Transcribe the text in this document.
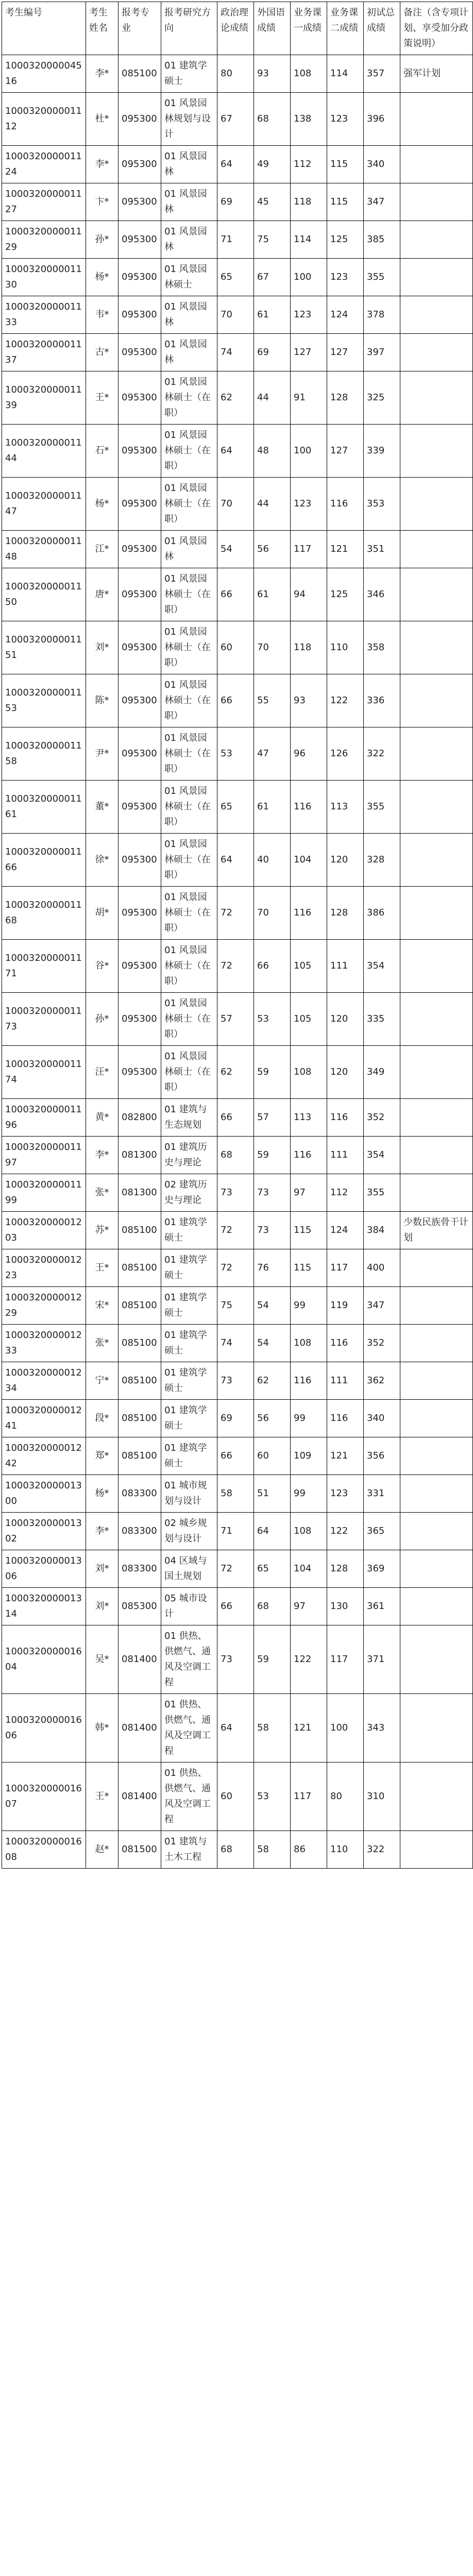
考生编号	考生姓名	报考专业	报考研究方向	政治理论成绩	外国语成绩	业务课一成绩	业务课二成绩	初试总成绩	备注（含专项计划、享受加分政策说明）
100032000004516	李*	085100	01 建筑学硕士	80	93	108	114	357	强军计划
100032000001112	杜*	095300	01 风景园林规划与设计	67	68	138	123	396	
100032000001124	李*	095300	01 风景园林	64	49	112	115	340	
100032000001127	卞*	095300	01 风景园林	69	45	118	115	347	
100032000001129	孙*	095300	01 风景园林	71	75	114	125	385	
100032000001130	杨*	095300	01 风景园林硕士	65	67	100	123	355	
100032000001133	韦*	095300	01 风景园林	70	61	123	124	378	
100032000001137	古*	095300	01 风景园林	74	69	127	127	397	
100032000001139	王*	095300	01 风景园林硕士（在职）	62	44	91	128	325	
100032000001144	石*	095300	01 风景园林硕士（在职）	64	48	100	127	339	
100032000001147	杨*	095300	01 风景园林硕士（在职）	70	44	123	116	353	
100032000001148	江*	095300	01 风景园林	54	56	117	121	351	
100032000001150	唐*	095300	01 风景园林硕士（在职）	66	61	94	125	346	
100032000001151	刘*	095300	01 风景园林硕士（在职）	60	70	118	110	358	
100032000001153	陈*	095300	01 风景园林硕士（在职）	66	55	93	122	336	
100032000001158	尹*	095300	01 风景园林硕士（在职）	53	47	96	126	322	
100032000001161	董*	095300	01 风景园林硕士（在职）	65	61	116	113	355	
100032000001166	徐*	095300	01 风景园林硕士（在职）	64	40	104	120	328	
100032000001168	胡*	095300	01 风景园林硕士（在职）	72	70	116	128	386	
100032000001171	谷*	095300	01 风景园林硕士（在职）	72	66	105	111	354	
100032000001173	孙*	095300	01 风景园林硕士（在职）	57	53	105	120	335	
100032000001174	汪*	095300	01 风景园林硕士（在职）	62	59	108	120	349	
100032000001196	黄*	082800	01 建筑与生态规划	66	57	113	116	352	
100032000001197	李*	081300	01 建筑历史与理论	68	59	116	111	354	
100032000001199	张*	081300	02 建筑历史与理论	73	73	97	112	355	
100032000001203	苏*	085100	01 建筑学硕士	72	73	115	124	384	少数民族骨干计划
100032000001223	王*	085100	01 建筑学硕士	72	76	115	117	400	
100032000001229	宋*	085100	01 建筑学硕士	75	54	99	119	347	
100032000001233	张*	085100	01 建筑学硕士	74	54	108	116	352	
100032000001234	宁*	085100	01 建筑学硕士	73	62	116	111	362	
100032000001241	段*	085100	01 建筑学硕士	69	56	99	116	340	
100032000001242	郑*	085100	01 建筑学硕士	66	60	109	121	356	
100032000001300	杨*	083300	01 城市规划与设计	58	51	99	123	331	
100032000001302	李*	083300	02 城乡规划与设计	71	64	108	122	365	
100032000001306	刘*	083300	04 区域与国土规划	72	65	104	128	369	
100032000001314	刘*	085300	05 城市设计	66	68	97	130	361	
100032000001604	吴*	081400	01 供热、供燃气、通风及空调工程	73	59	122	117	371	
100032000001606	韩*	081400	01 供热、供燃气、通风及空调工程	64	58	121	100	343	
100032000001607	王*	081400	01 供热、供燃气、通风及空调工程	60	53	117	80	310	
100032000001608	赵*	081500	01 建筑与土木工程	68	58	86	110	322	
